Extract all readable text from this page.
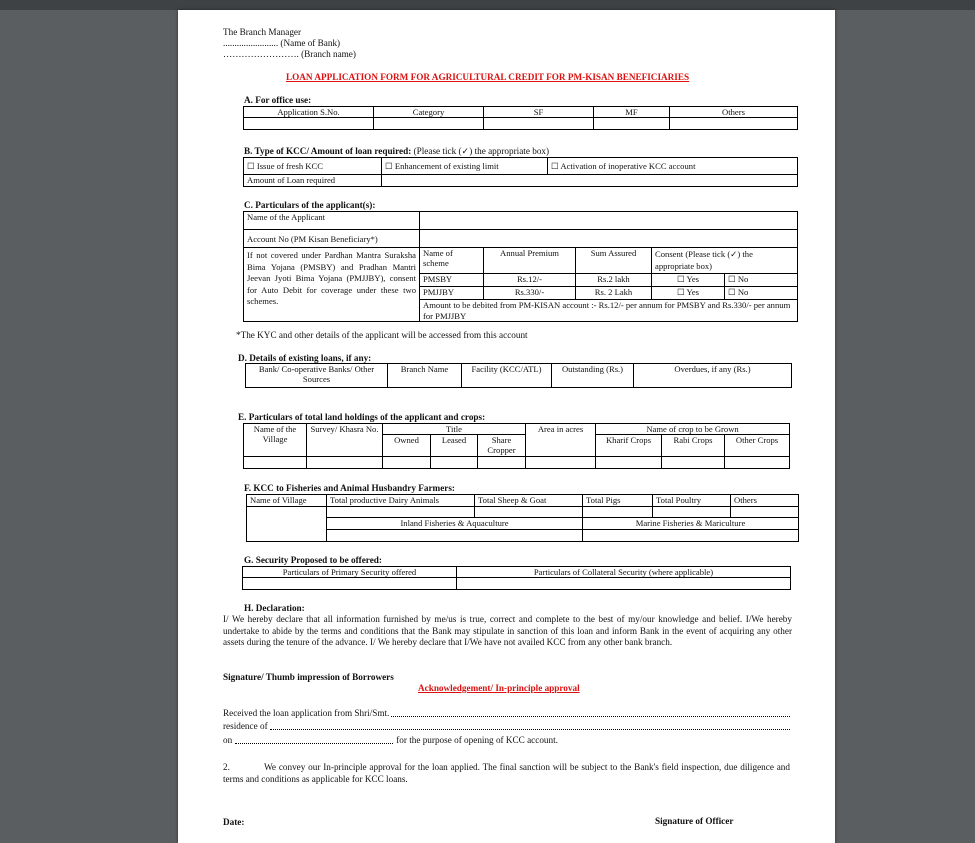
The Branch Manager
........................ (Name of Bank)
……………………. (Branch name)
LOAN APPLICATION FORM FOR AGRICULTURAL CREDIT FOR PM-KISAN BENEFICIARIES
A. For office use:
Application S.No.	Category	SF	MF	Others

B. Type of KCC/ Amount of loan required: (Please tick (✓) the appropriate box)
☐ Issue of fresh KCC	☐ Enhancement of existing limit	☐ Activation of inoperative KCC account
Amount of Loan required		
C. Particulars of the applicant(s):
Name of the Applicant					
Account No (PM Kisan Beneficiary*)					
If not covered under Pardhan Mantra Suraksha Bima Yojana (PMSBY) and Pradhan Mantri Jeevan Jyoti Bima Yojana (PMJJBY), consent for Auto Debit for coverage under these two schemes.	Name of scheme	Annual Premium	Sum Assured	Consent (Please tick (✓) the appropriate box)	
	PMSBY	Rs.12/-	Rs.2 lakh	☐ Yes	☐ No
	PMJJBY	Rs.330/-	Rs. 2 Lakh	☐ Yes	☐ No
	Amount to be debited from PM-KISAN account :- Rs.12/- per annum for PMSBY and Rs.330/- per annum for PMJJBY				
*The KYC and other details of the applicant will be accessed from this account
D. Details of existing loans, if any:
Bank/ Co-operative Banks/ Other Sources	Branch Name	Facility (KCC/ATL)	Outstanding (Rs.)	Overdues, if any (Rs.)
E. Particulars of total land holdings of the applicant and crops:
Name of the Village	Survey/ Khasra No.	Title			Area in acres	Name of crop to be Grown		
		Owned	Leased	Share Cropper		Kharif Crops	Rabi Crops	Other Crops

F. KCC to Fisheries and Animal Husbandry Farmers:
Name of Village	Total productive Dairy Animals	Total Sheep & Goat	Total Pigs	Total Poultry	Others

	Inland Fisheries & Aquaculture		Marine Fisheries & Mariculture		

G. Security Proposed to be offered:
Particulars of Primary Security offered	Particulars of Collateral Security (where applicable)

H. Declaration:
I/ We hereby declare that all information furnished by me/us is true, correct and complete to the best of my/our knowledge and belief. I/We hereby undertake to abide by the terms and conditions that the Bank may stipulate in sanction of this loan and inform Bank in the event of acquiring any other assets during the tenure of the advance. I/ We hereby declare that I/We have not availed KCC from any other bank branch.
Signature/ Thumb impression of Borrowers
Acknowledgement/ In-principle approval
Received the loan application from Shri/Smt.
residence of
on	for the purpose of opening of KCC account.
2.	We convey our In-principle approval for the loan applied. The final sanction will be subject to the Bank's field inspection, due diligence and terms and conditions as applicable for KCC loans.
Date:	Signature of Officer
